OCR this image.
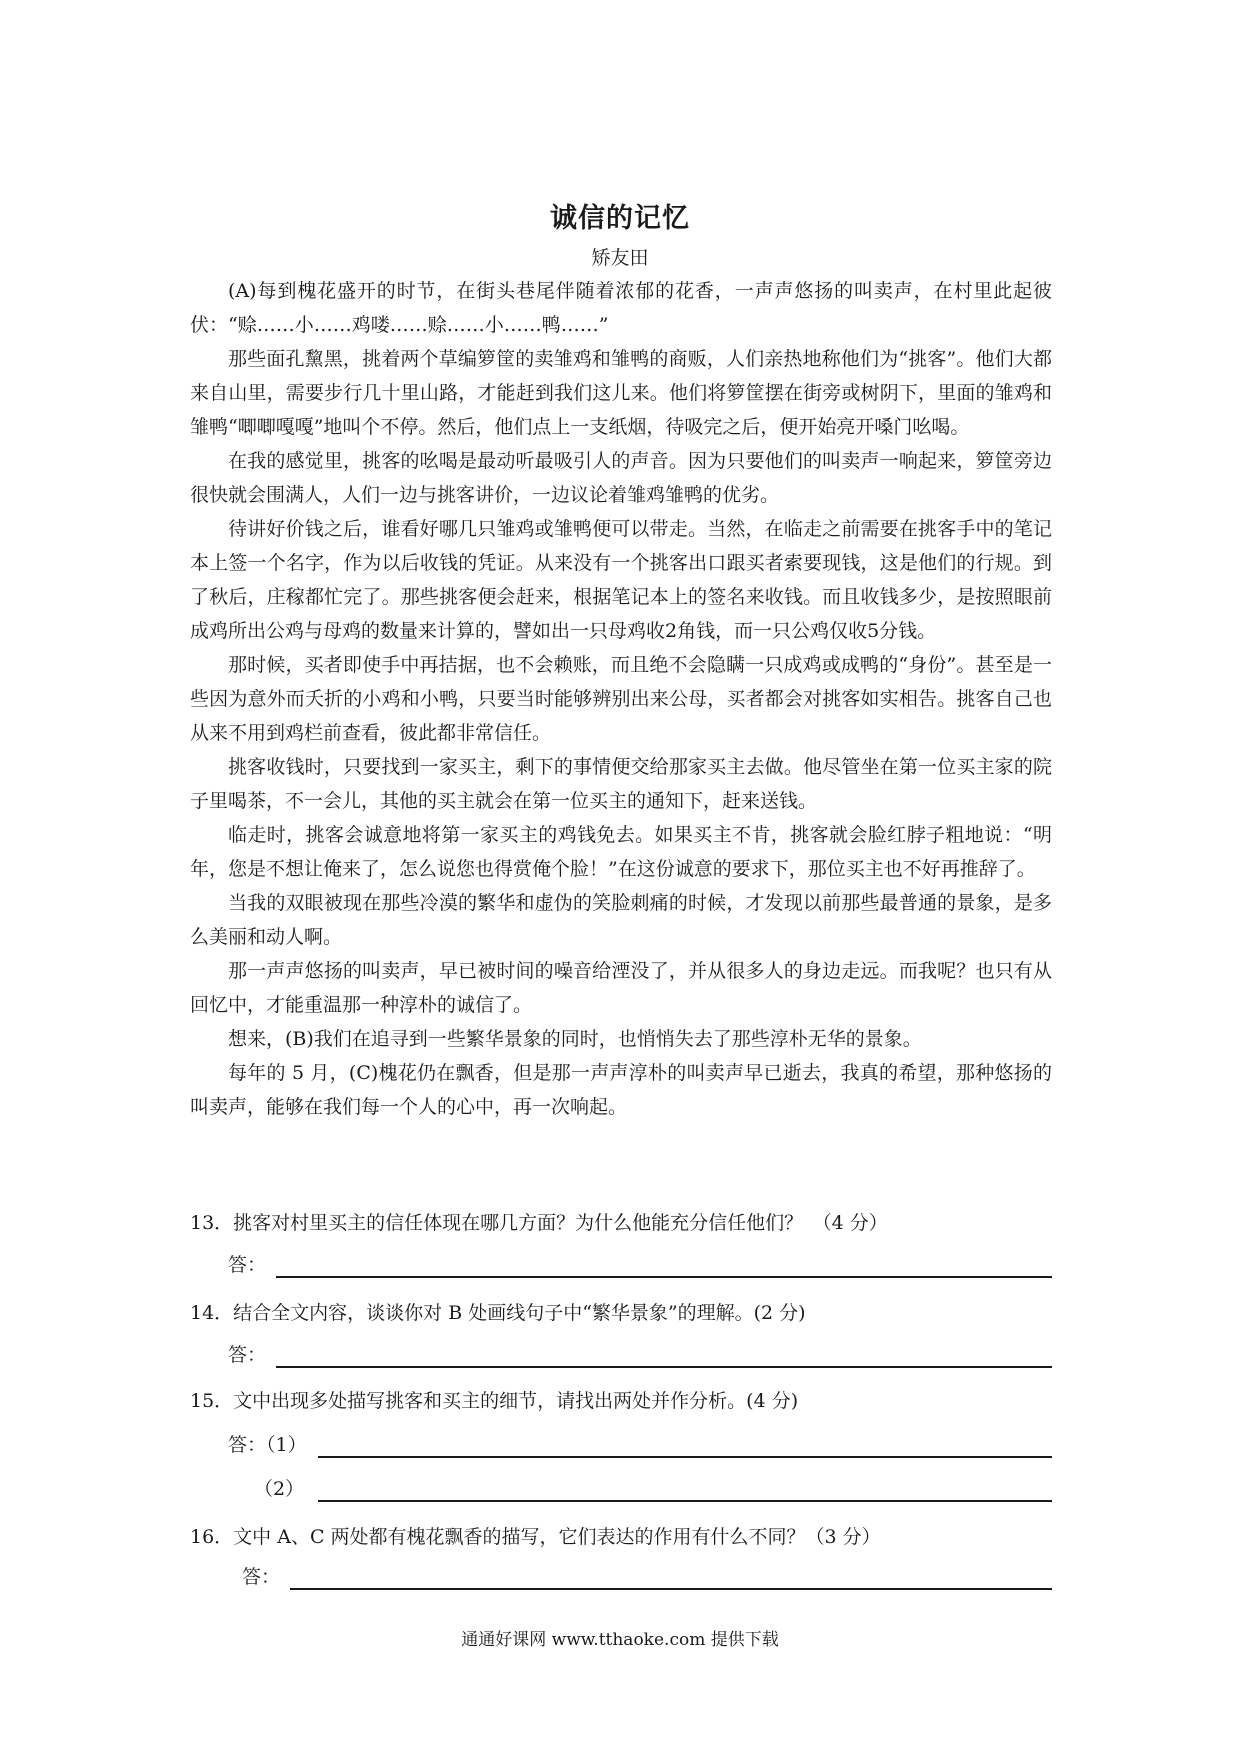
诚信的记忆
矫友田

(A)每到槐花盛开的时节，在街头巷尾伴随着浓郁的花香，一声声悠扬的叫卖声，在村里此起彼伏：“赊……小……鸡喽……赊……小……鸭……”

那些面孔黧黑，挑着两个草编箩筐的卖雏鸡和雏鸭的商贩，人们亲热地称他们为“挑客”。他们大都来自山里，需要步行几十里山路，才能赶到我们这儿来。他们将箩筐摆在街旁或树阴下，里面的雏鸡和雏鸭“唧唧嘎嘎”地叫个不停。然后，他们点上一支纸烟，待吸完之后，便开始亮开嗓门吆喝。

在我的感觉里，挑客的吆喝是最动听最吸引人的声音。因为只要他们的叫卖声一响起来，箩筐旁边很快就会围满人，人们一边与挑客讲价，一边议论着雏鸡雏鸭的优劣。

待讲好价钱之后，谁看好哪几只雏鸡或雏鸭便可以带走。当然，在临走之前需要在挑客手中的笔记本上签一个名字，作为以后收钱的凭证。从来没有一个挑客出口跟买者索要现钱，这是他们的行规。到了秋后，庄稼都忙完了。那些挑客便会赶来，根据笔记本上的签名来收钱。而且收钱多少，是按照眼前成鸡所出公鸡与母鸡的数量来计算的，譬如出一只母鸡收2角钱，而一只公鸡仅收5分钱。

那时候，买者即使手中再拮据，也不会赖账，而且绝不会隐瞒一只成鸡或成鸭的“身份”。甚至是一些因为意外而夭折的小鸡和小鸭，只要当时能够辨别出来公母，买者都会对挑客如实相告。挑客自己也从来不用到鸡栏前查看，彼此都非常信任。

挑客收钱时，只要找到一家买主，剩下的事情便交给那家买主去做。他尽管坐在第一位买主家的院子里喝茶，不一会儿，其他的买主就会在第一位买主的通知下，赶来送钱。

临走时，挑客会诚意地将第一家买主的鸡钱免去。如果买主不肯，挑客就会脸红脖子粗地说：“明年，您是不想让俺来了，怎么说您也得赏俺个脸！”在这份诚意的要求下，那位买主也不好再推辞了。

当我的双眼被现在那些冷漠的繁华和虚伪的笑脸刺痛的时候，才发现以前那些最普通的景象，是多么美丽和动人啊。

那一声声悠扬的叫卖声，早已被时间的噪音给湮没了，并从很多人的身边走远。而我呢？也只有从回忆中，才能重温那一种淳朴的诚信了。

想来，(B)我们在追寻到一些繁华景象的同时，也悄悄失去了那些淳朴无华的景象。

每年的 5 月，(C)槐花仍在飘香，但是那一声声淳朴的叫卖声早已逝去，我真的希望，那种悠扬的叫卖声，能够在我们每一个人的心中，再一次响起。

13．挑客对村里买主的信任体现在哪几方面？为什么他能充分信任他们？　（4 分）
答：
14．结合全文内容，谈谈你对 B 处画线句子中“繁华景象”的理解。(2 分)
答：
15．文中出现多处描写挑客和买主的细节，请找出两处并作分析。(4 分)
答：（1）
（2）
16．文中 A、C 两处都有槐花飘香的描写，它们表达的作用有什么不同？（3 分）
答：
通通好课网 www.tthaoke.com 提供下载
